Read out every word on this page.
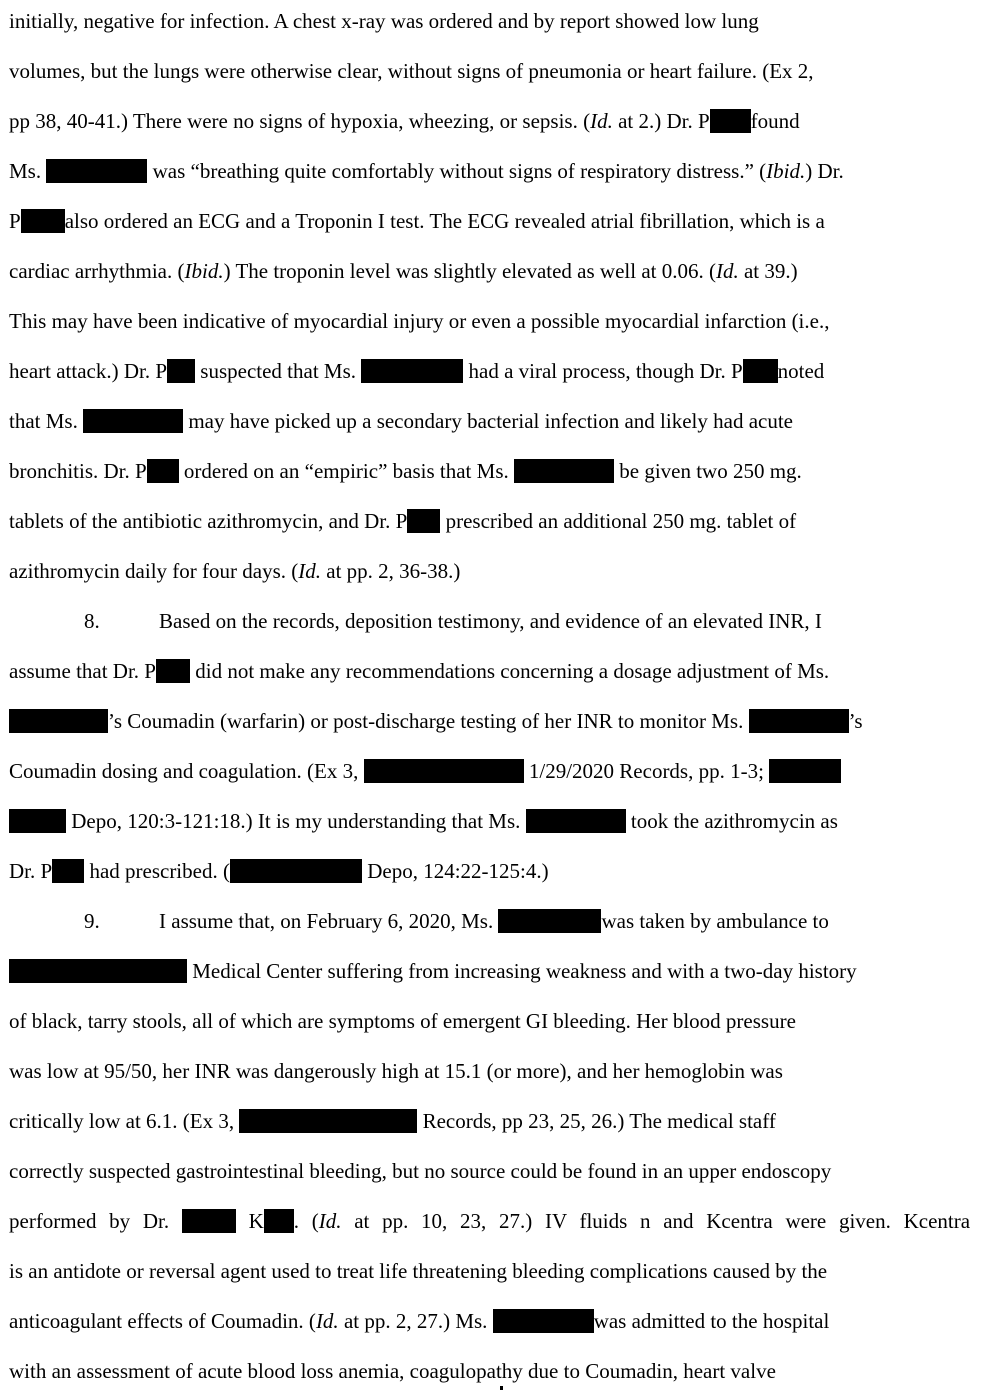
initially, negative for infection. A chest x-ray was ordered and by report showed low lung
volumes, but the lungs were otherwise clear, without signs of pneumonia or heart failure. (Ex 2,
pp 38, 40-41.) There were no signs of hypoxia, wheezing, or sepsis. (Id. at 2.) Dr. P found
Ms.	was “breathing quite comfortably without signs of respiratory distress.” (Ibid.) Dr.
P also ordered an ECG and a Troponin I test. The ECG revealed atrial fibrillation, which is a
cardiac arrhythmia. (Ibid.) The troponin level was slightly elevated as well at 0.06. (Id. at 39.)
This may have been indicative of myocardial injury or even a possible myocardial infarction (i.e.,
heart attack.) Dr. P suspected that Ms.	had a viral process, though Dr. P noted
that Ms.	may have picked up a secondary bacterial infection and likely had acute
bronchitis. Dr. P ordered on an “empiric” basis that Ms.	be given two 250 mg.
tablets of the antibiotic azithromycin, and Dr. P prescribed an additional 250 mg. tablet of
azithromycin daily for four days. (Id. at pp. 2, 36-38.)
8.	Based on the records, deposition testimony, and evidence of an elevated INR, I
assume that Dr. P did not make any recommendations concerning a dosage adjustment of Ms.
’s Coumadin (warfarin) or post-discharge testing of her INR to monitor Ms.	’s
Coumadin dosing and coagulation. (Ex 3,	1/29/2020 Records, pp. 1-3;
Depo, 120:3-121:18.) It is my understanding that Ms.	took the azithromycin as
Dr. P had prescribed. (	Depo, 124:22-125:4.)
9.	I assume that, on February 6, 2020, Ms.	was taken by ambulance to
Medical Center suffering from increasing weakness and with a two-day history
of black, tarry stools, all of which are symptoms of emergent GI bleeding. Her blood pressure
was low at 95/50, her INR was dangerously high at 15.1 (or more), and her hemoglobin was
critically low at 6.1. (Ex 3,	Records, pp 23, 25, 26.) The medical staff
correctly suspected gastrointestinal bleeding, but no source could be found in an upper endoscopy
performed by Dr.	K . (Id. at pp. 10, 23, 27.) IV fluids n and Kcentra were given. Kcentra
is an antidote or reversal agent used to treat life threatening bleeding complications caused by the
anticoagulant effects of Coumadin. (Id. at pp. 2, 27.) Ms.	was admitted to the hospital
with an assessment of acute blood loss anemia, coagulopathy due to Coumadin, heart valve
